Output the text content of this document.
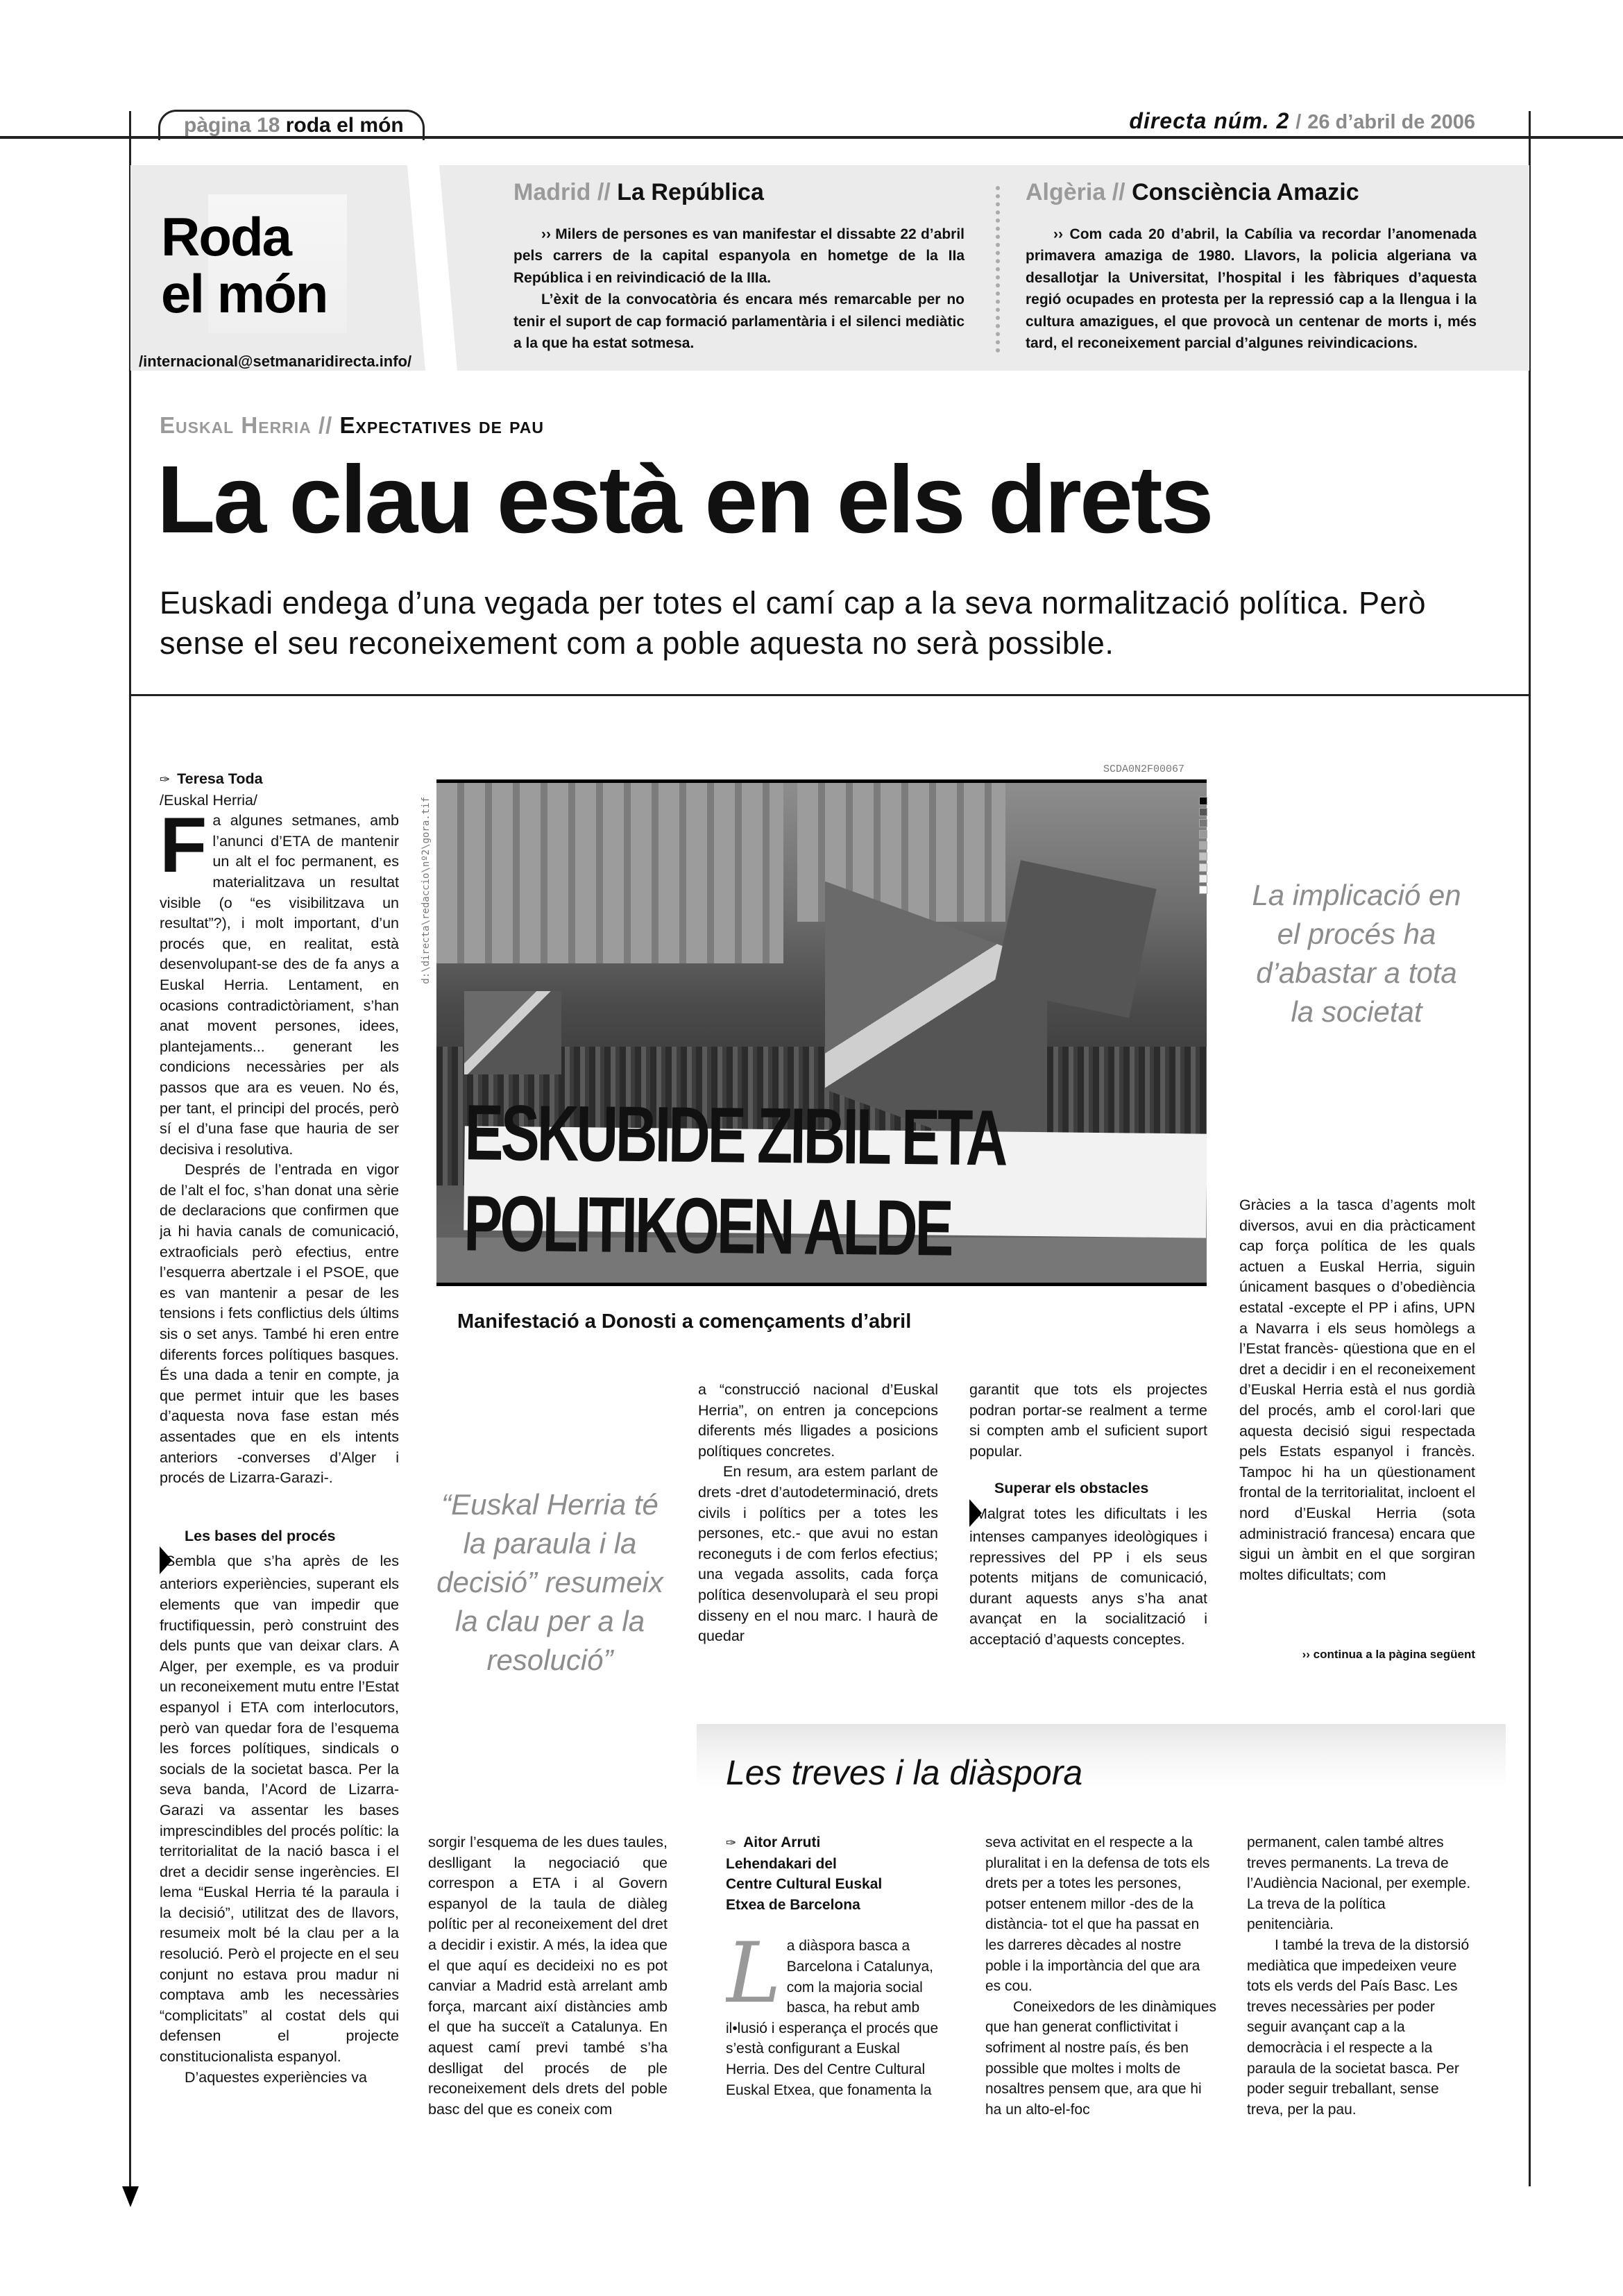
pàgina 18 roda el món	directa núm. 2 / 26 d’abril de 2006
Roda
el món
/internacional@setmanaridirecta.info/
Madrid // La República

›› Milers de persones es van manifestar el dissabte 22 d’abril pels carrers de la capital espanyola en hometge de la IIa República i en reivindicació de la IIIa.

L’èxit de la convocatòria és encara més remarcable per no tenir el suport de cap formació parlamentària i el silenci mediàtic a la que ha estat sotmesa.

Algèria // Consciència Amazic

›› Com cada 20 d’abril, la Cabília va recordar l’anomenada primavera amaziga de 1980. Llavors, la policia algeriana va desallotjar la Universitat, l’hospital i les fàbriques d’aquesta regió ocupades en protesta per la repressió cap a la llengua i la cultura amazigues, el que provocà un centenar de morts i, més tard, el reconeixement parcial d’algunes reivindicacions.

Euskal Herria // Expectatives de pau
La clau està en els drets
Euskadi endega d’una vegada per totes el camí cap a la seva normalització política. Però sense el seu reconeixement com a poble aquesta no serà possible.
✑ Teresa Toda
/Euskal Herria/

Fa algunes setmanes, amb l’anunci d’ETA de mantenir un alt el foc permanent, es materialitzava un resultat visible (o “es visibilitzava un resultat”?), i molt important, d’un procés que, en realitat, està desenvolupant-se des de fa anys a Euskal Herria. Lentament, en ocasions contradictòriament, s’han anat movent persones, idees, plantejaments... generant les condicions necessàries per als passos que ara es veuen. No és, per tant, el principi del procés, però sí el d’una fase que hauria de ser decisiva i resolutiva.

Després de l’entrada en vigor de l’alt el foc, s’han donat una sèrie de declaracions que confirmen que ja hi havia canals de comunicació, extraoficials però efectius, entre l’esquerra abertzale i el PSOE, que es van mantenir a pesar de les tensions i fets conflictius dels últims sis o set anys. També hi eren entre diferents forces polítiques basques. És una dada a tenir en compte, ja que permet intuir que les bases d’aquesta nova fase estan més assentades que en els intents anteriors -converses d’Alger i procés de Lizarra-Garazi-.

Les bases del procés

Sembla que s’ha après de les anteriors experiències, superant els elements que van impedir que fructifiquessin, però construint des dels punts que van deixar clars. A Alger, per exemple, es va produir un reconeixement mutu entre l’Estat espanyol i ETA com interlocutors, però van quedar fora de l’esquema les forces polítiques, sindicals o socials de la societat basca. Per la seva banda, l’Acord de Lizarra-Garazi va assentar les bases imprescindibles del procés polític: la territorialitat de la nació basca i el dret a decidir sense ingerències. El lema “Euskal Herria té la paraula i la decisió”, utilitzat des de llavors, resumeix molt bé la clau per a la resolució. Però el projecte en el seu conjunt no estava prou madur ni comptava amb les necessàries “complicitats” al costat dels qui defensen el projecte constitucionalista espanyol.

D’aquestes experiències va

ESKUBIDE ZIBIL ETA POLITIKOEN ALDE
d:\directa\redaccio\nº2\gora.tif
SCDA0N2F00067
Manifestació a Donosti a començaments d’abril
La implicació en el procés ha d’abastar a tota la societat
“Euskal Herria té la paraula i la decisió” resumeix la clau per a la resolució”

Gràcies a la tasca d’agents molt diversos, avui en dia pràcticament cap força política de les quals actuen a Euskal Herria, siguin únicament basques o d’obediència estatal -excepte el PP i afins, UPN a Navarra i els seus homòlegs a l’Estat francès- qüestiona que en el dret a decidir i en el reconeixement d’Euskal Herria està el nus gordià del procés, amb el corol·lari que aquesta decisió sigui respectada pels Estats espanyol i francès. Tampoc hi ha un qüestionament frontal de la territorialitat, incloent el nord d’Euskal Herria (sota administració francesa) encara que sigui un àmbit en el que sorgiran moltes dificultats; com

›› continua a la pàgina següent

a “construcció nacional d’Euskal Herria”, on entren ja concepcions diferents més lligades a posicions polítiques concretes.

En resum, ara estem parlant de drets -dret d’autodeterminació, drets civils i polítics per a totes les persones, etc.- que avui no estan reconeguts i de com ferlos efectius; una vegada assolits, cada força política desenvoluparà el seu propi disseny en el nou marc. I haurà de quedar

garantit que tots els projectes podran portar-se realment a terme si compten amb el suficient suport popular.

Superar els obstacles

Malgrat totes les dificultats i les intenses campanyes ideològiques i repressives del PP i els seus potents mitjans de comunicació, durant aquests anys s’ha anat avançat en la socialització i acceptació d’aquests conceptes.

sorgir l’esquema de les dues taules, deslligant la negociació que correspon a ETA i al Govern espanyol de la taula de diàleg polític per al reconeixement del dret a decidir i existir. A més, la idea que el que aquí es decideixi no es pot canviar a Madrid està arrelant amb força, marcant així distàncies amb el que ha succeït a Catalunya. En aquest camí previ també s’ha deslligat del procés de ple reconeixement dels drets del poble basc del que es coneix com

Les treves i la diàspora
✑ Aitor Arruti
Lehendakari del
Centre Cultural Euskal
Etxea de Barcelona

La diàspora basca a Barcelona i Catalunya, com la majoria social basca, ha rebut amb il•lusió i esperança el procés que s’està configurant a Euskal Herria. Des del Centre Cultural Euskal Etxea, que fonamenta la

seva activitat en el respecte a la pluralitat i en la defensa de tots els drets per a totes les persones, potser entenem millor -des de la distància- tot el que ha passat en les darreres dècades al nostre poble i la importància del que ara es cou.

Coneixedors de les dinàmiques que han generat conflictivitat i sofriment al nostre país, és ben possible que moltes i molts de nosaltres pensem que, ara que hi ha un alto-el-foc

permanent, calen també altres treves permanents. La treva de l’Audiència Nacional, per exemple. La treva de la política penitenciària.

I també la treva de la distorsió mediàtica que impedeixen veure tots els verds del País Basc. Les treves necessàries per poder seguir avançant cap a la democràcia i el respecte a la paraula de la societat basca. Per poder seguir treballant, sense treva, per la pau.
